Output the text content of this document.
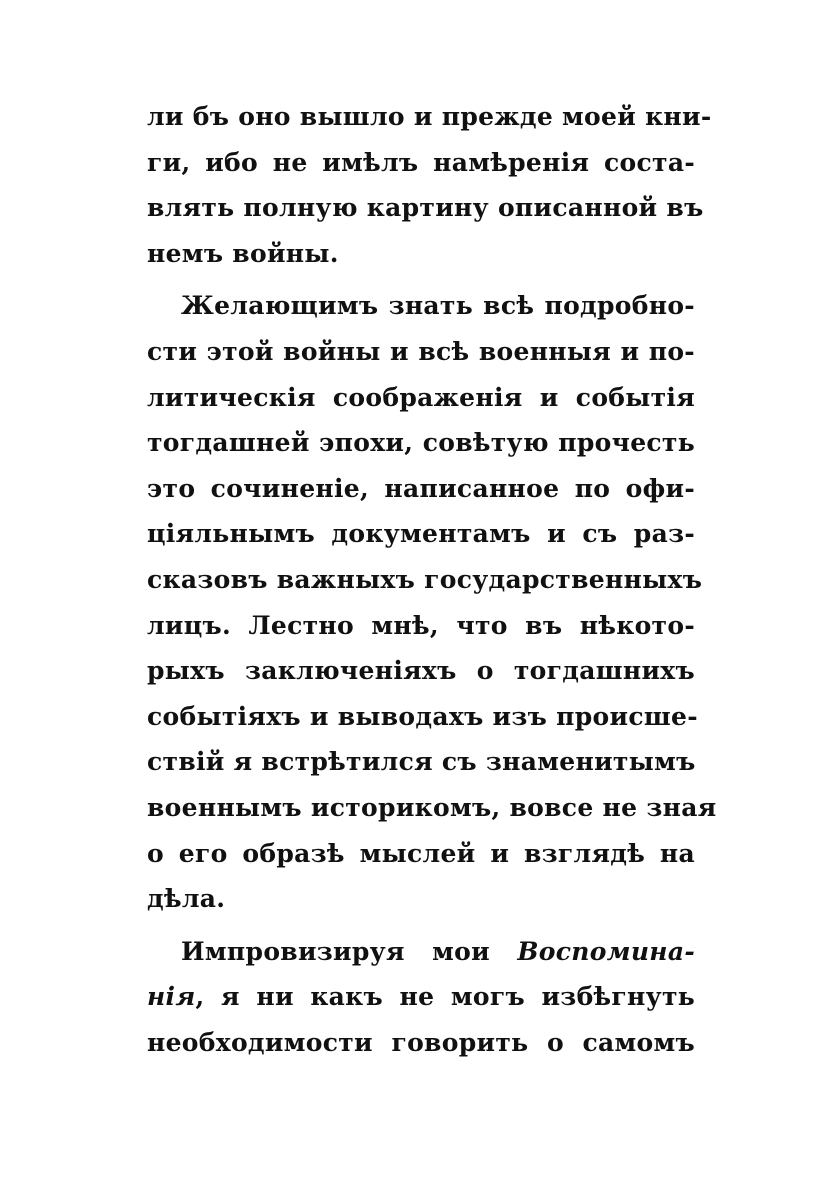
ли бъ оно вышло и прежде моей кни-
ги, ибо не имѣлъ намѣренія соста-
влять полную картину описанной въ
немъ войны.
Желающимъ знать всѣ подробно-
сти этой войны и всѣ военныя и по-
литическія соображенія и событія
тогдашней эпохи, совѣтую прочесть
это сочиненіе, написанное по офи-
ціяльнымъ документамъ и съ раз-
сказовъ важныхъ государственныхъ
лицъ. Лестно мнѣ, что въ нѣкото-
рыхъ заключеніяхъ о тогдашнихъ
событіяхъ и выводахъ изъ происше-
ствій я встрѣтился съ знаменитымъ
военнымъ историкомъ, вовсе не зная
о его образѣ мыслей и взглядѣ на
дѣла.
Импровизируя мои Воспомина-
нія, я ни какъ не могъ избѣгнуть
необходимости говорить о самомъ
